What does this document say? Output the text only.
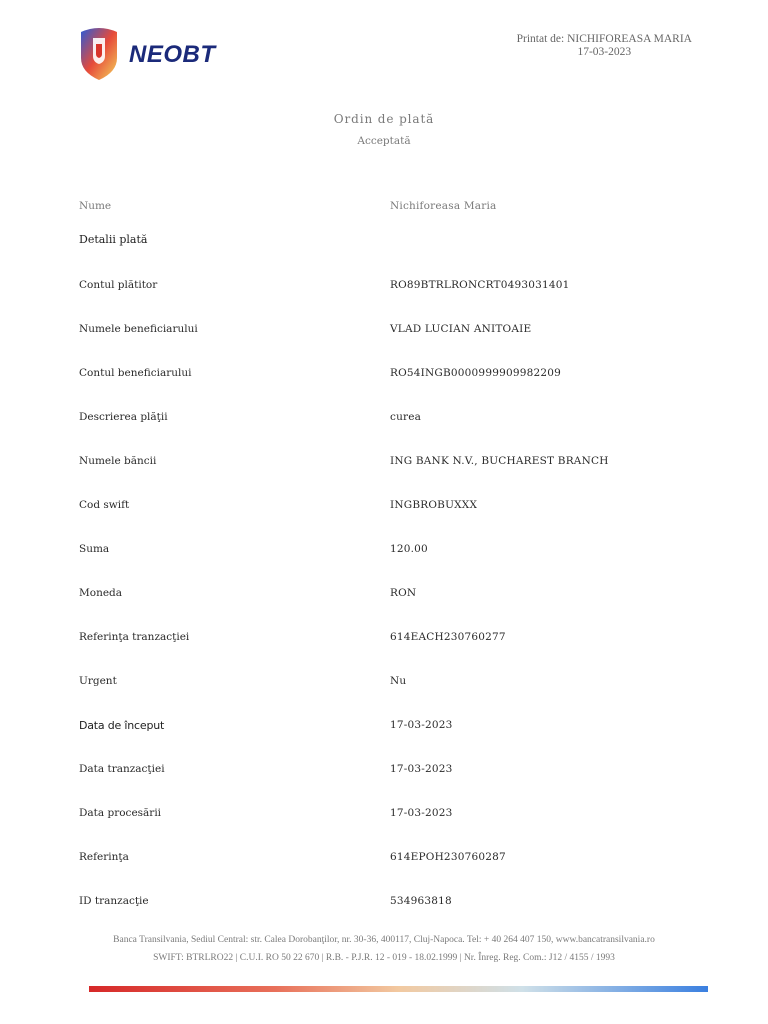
NEOBT
Printat de: NICHIFOREASA MARIA
17-03-2023
Ordin de plată
Acceptată
Nume	Nichiforeasa Maria
Detalii plată
Contul plătitor	RO89BTRLRONCRT0493031401
Numele beneficiarului	VLAD LUCIAN ANITOAIE
Contul beneficiarului	RO54INGB0000999909982209
Descrierea plăţii	curea
Numele băncii	ING BANK N.V., BUCHAREST BRANCH
Cod swift	INGBROBUXXX
Suma	120.00
Moneda	RON
Referinţa tranzacţiei	614EACH230760277
Urgent	Nu
Data de început	17-03-2023
Data tranzacţiei	17-03-2023
Data procesării	17-03-2023
Referinţa	614EPOH230760287
ID tranzacţie	534963818
Banca Transilvania, Sediul Central: str. Calea Dorobanţilor, nr. 30-36, 400117, Cluj-Napoca. Tel: + 40 264 407 150, www.bancatransilvania.ro
SWIFT: BTRLRO22 | C.U.I. RO 50 22 670 | R.B. - P.J.R. 12 - 019 - 18.02.1999 | Nr. Înreg. Reg. Com.: J12 / 4155 / 1993
